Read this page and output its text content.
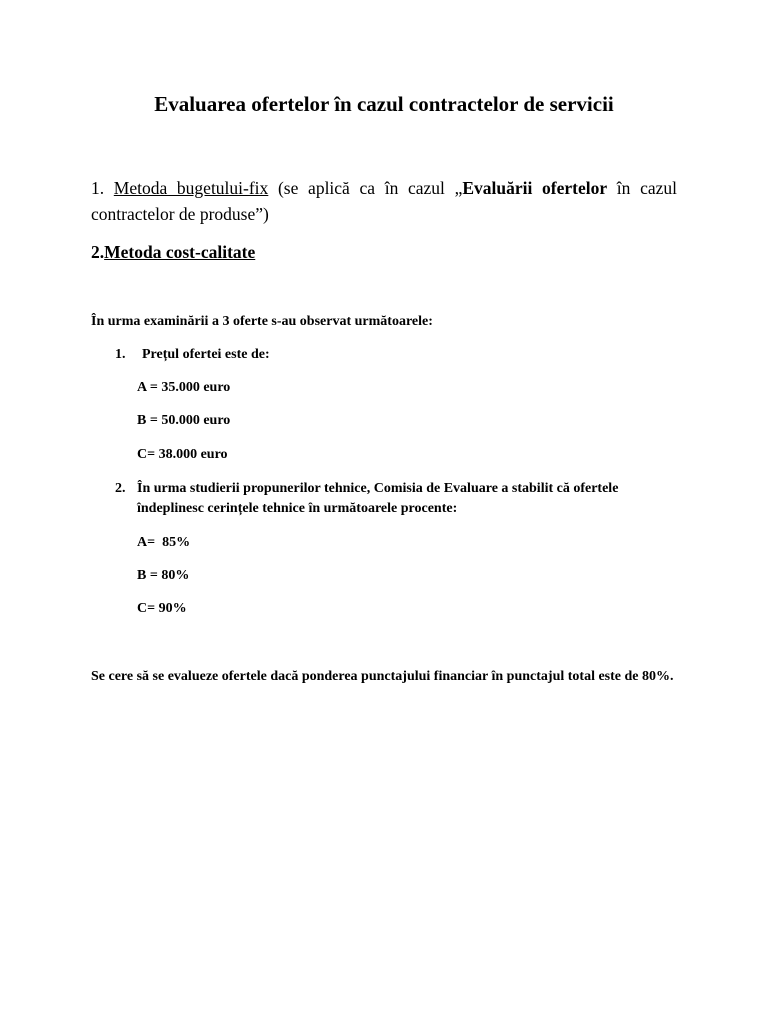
Evaluarea ofertelor în cazul contractelor de servicii

1. Metoda bugetului-fix (se aplică ca în cazul „Evaluării ofertelor în cazul contractelor de produse”)

2.Metoda cost-calitate

În urma examinării a 3 oferte s-au observat următoarele:

1. Prețul ofertei este de:

A = 35.000 euro

B = 50.000 euro

C= 38.000 euro

2. În urma studierii propunerilor tehnice, Comisia de Evaluare a stabilit că ofertele îndeplinesc cerințele tehnice în următoarele procente:

A=  85%

B = 80%

C= 90%

Se cere să se evalueze ofertele dacă ponderea punctajului financiar în punctajul total este de 80%.
